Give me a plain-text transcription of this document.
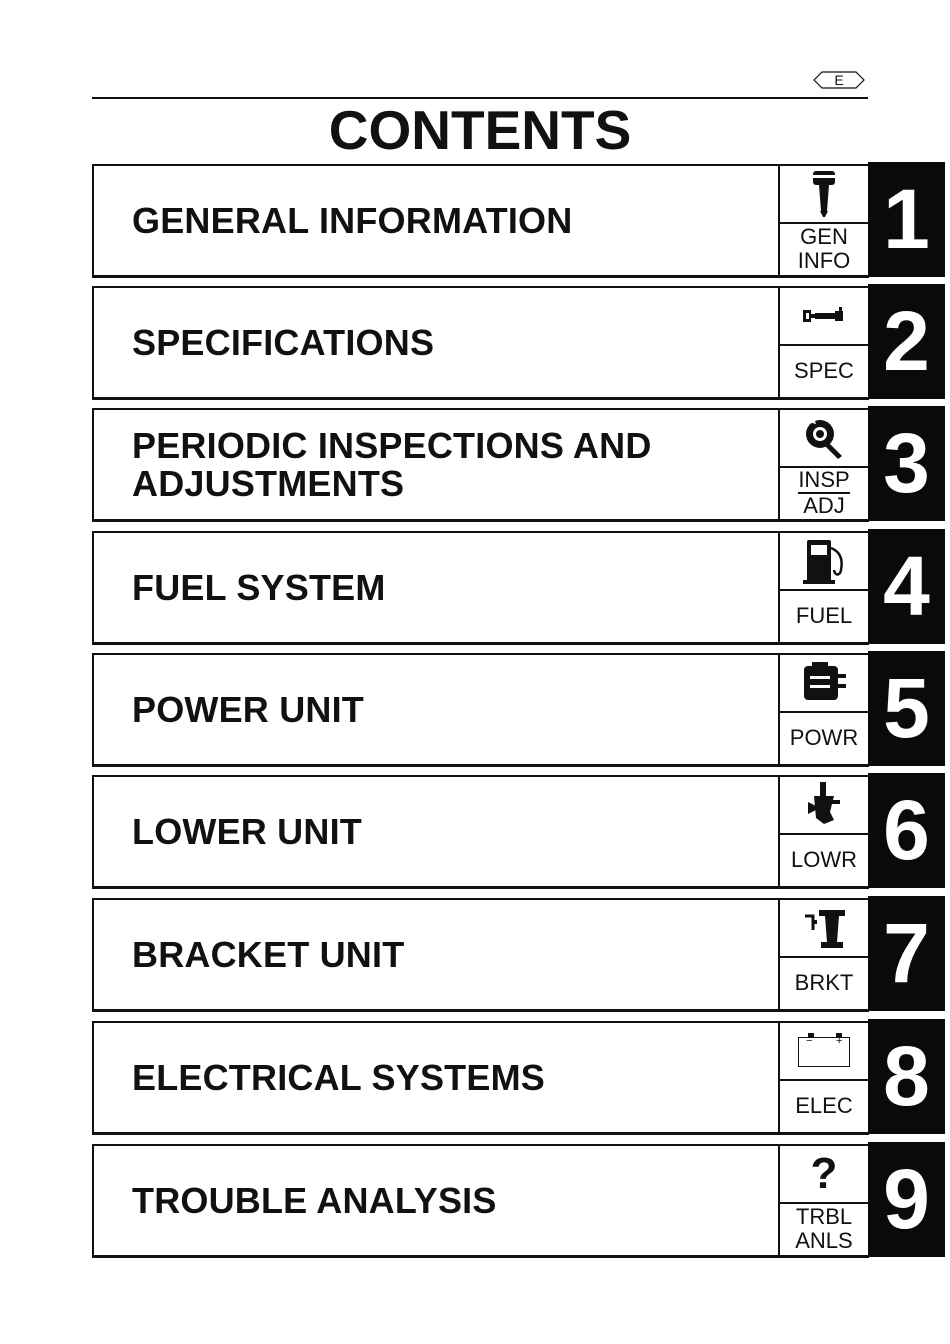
E
CONTENTS
GENERAL INFORMATION	GEN
INFO 1
SPECIFICATIONS
SPEC 2
PERIODIC INSPECTIONS AND
ADJUSTMENTS	INSP
ADJ 3
FUEL SYSTEM
FUEL 4
POWER UNIT
POWR 5
LOWER UNIT
LOWR 6
BRACKET UNIT
BRKT 7
ELECTRICAL SYSTEMS
− +
ELEC 8
TROUBLE ANALYSIS
?
TRBL
ANLS 9
